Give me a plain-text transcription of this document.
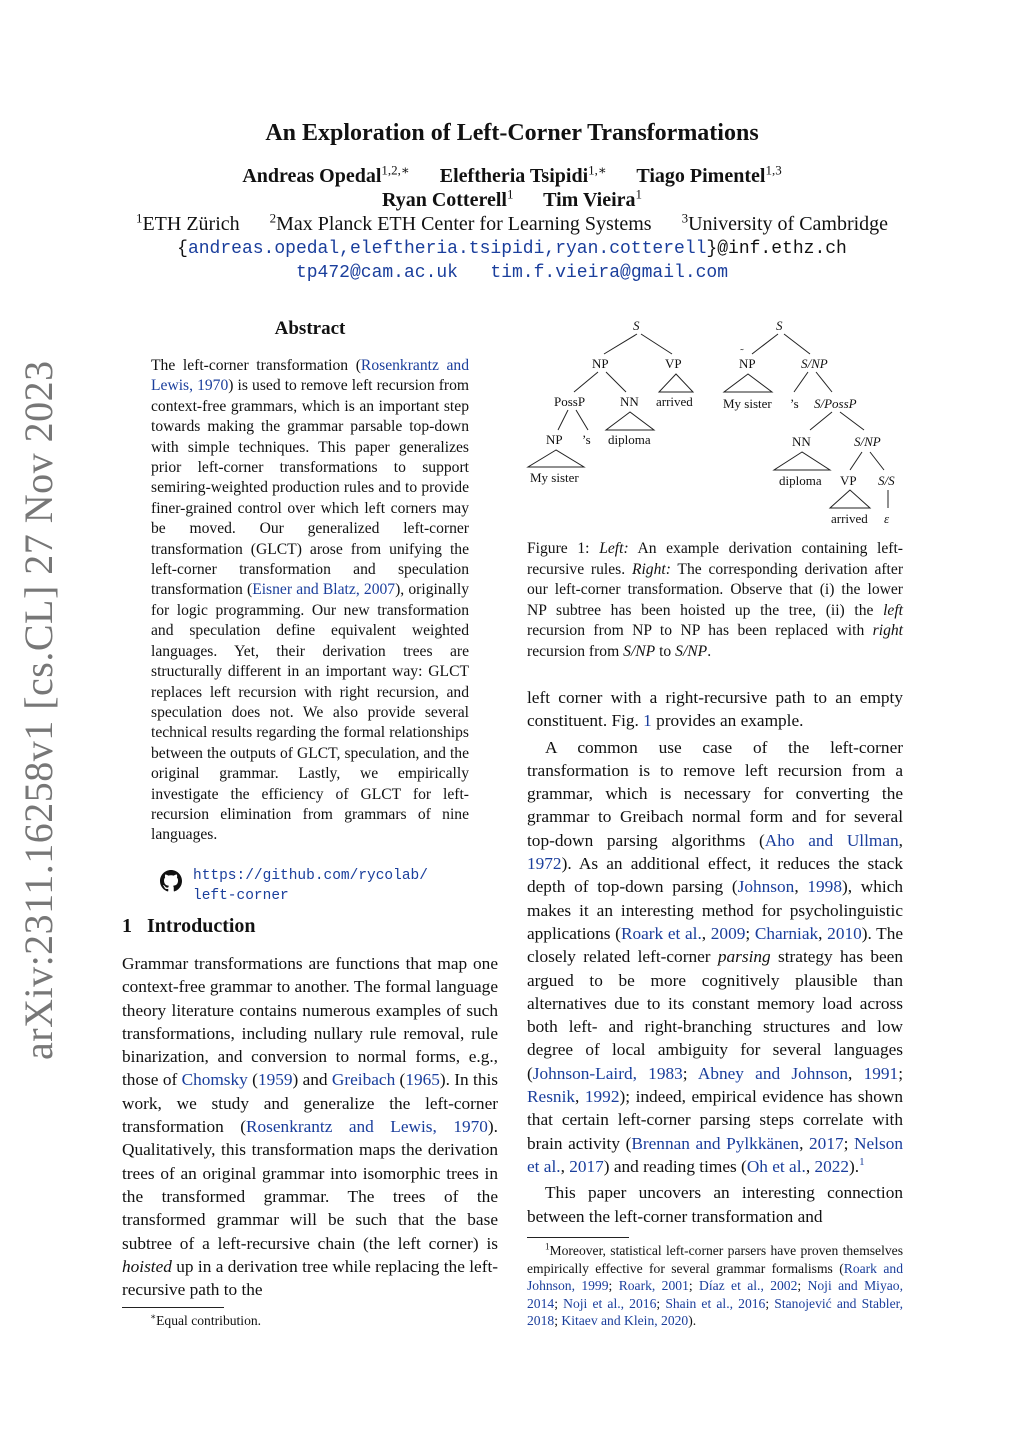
arXiv:2311.16258v1 [cs.CL] 27 Nov 2023
An Exploration of Left-Corner Transformations
Andreas Opedal$^{1,2,∗}$ Eleftheria Tsipidi$^{1,∗}$ Tiago Pimentel$^{1,3}$
Ryan Cotterell$^1$ Tim Vieira$^1$
$^1$ETH Zürich $^2$Max Planck ETH Center for Learning Systems $^3$University of Cambridge
{andreas.opedal,eleftheria.tsipidi,ryan.cotterell}@inf.ethz.ch
tp472@cam.ac.uk tim.f.vieira@gmail.com
Abstract
The left-corner transformation (Rosenkrantz and Lewis, 1970) is used to remove left recursion from context-free grammars, which is an important step towards making the grammar parsable top-down with simple techniques. This paper generalizes prior left-corner transformations to support semiring-weighted production rules and to provide finer-grained control over which left corners may be moved. Our generalized left-corner transformation (GLCT) arose from unifying the left-corner transformation and speculation transformation (Eisner and Blatz, 2007), originally for logic programming. Our new transformation and speculation define equivalent weighted languages. Yet, their derivation trees are structurally different in an important way: GLCT replaces left recursion with right recursion, and speculation does not. We also provide several technical results regarding the formal relationships between the outputs of GLCT, speculation, and the original grammar. Lastly, we empirically investigate the efficiency of GLCT for left-recursion elimination from grammars of nine languages.
https://github.com/rycolab/
left-corner
1 Introduction

Grammar transformations are functions that map one context-free grammar to another. The formal language theory literature contains numerous examples of such transformations, including nullary rule removal, rule binarization, and conversion to normal forms, e.g., those of Chomsky (1959) and Greibach (1965). In this work, we study and generalize the left-corner transformation (Rosenkrantz and Lewis, 1970). Qualitatively, this transformation maps the derivation trees of an original grammar into isomorphic trees in the transformed grammar. The trees of the transformed grammar will be such that the base subtree of a left-recursive chain (the left corner) is hoisted up in a derivation tree while replacing the left-recursive path to the

∗Equal contribution.
S
NP	VP
arrived
PossP	NN
diploma
NP ’s
My sister
S
NP
˜
S/NP
My sister ’s S/PossP
NN	S/NP
diploma VP S/S
arrived ε
Figure 1: Left: An example derivation containing left-recursive rules. Right: The corresponding derivation after our left-corner transformation. Observe that (i) the lower NP subtree has been hoisted up the tree, (ii) the left recursion from NP to NP has been replaced with right recursion from S/NP to S/NP.

left corner with a right-recursive path to an empty constituent. Fig. 1 provides an example.

A common use case of the left-corner transformation is to remove left recursion from a grammar, which is necessary for converting the grammar to Greibach normal form and for several top-down parsing algorithms (Aho and Ullman, 1972). As an additional effect, it reduces the stack depth of top-down parsing (Johnson, 1998), which makes it an interesting method for psycholinguistic applications (Roark et al., 2009; Charniak, 2010). The closely related left-corner parsing strategy has been argued to be more cognitively plausible than alternatives due to its constant memory load across both left- and right-branching structures and low degree of local ambiguity for several languages (Johnson-Laird, 1983; Abney and Johnson, 1991; Resnik, 1992); indeed, empirical evidence has shown that certain left-corner parsing steps correlate with brain activity (Brennan and Pylkkänen, 2017; Nelson et al., 2017) and reading times (Oh et al., 2022).$^1$

This paper uncovers an interesting connection between the left-corner transformation and

$^1$Moreover, statistical left-corner parsers have proven themselves empirically effective for several grammar formalisms (Roark and Johnson, 1999; Roark, 2001; Díaz et al., 2002; Noji and Miyao, 2014; Noji et al., 2016; Shain et al., 2016; Stanojević and Stabler, 2018; Kitaev and Klein, 2020).
